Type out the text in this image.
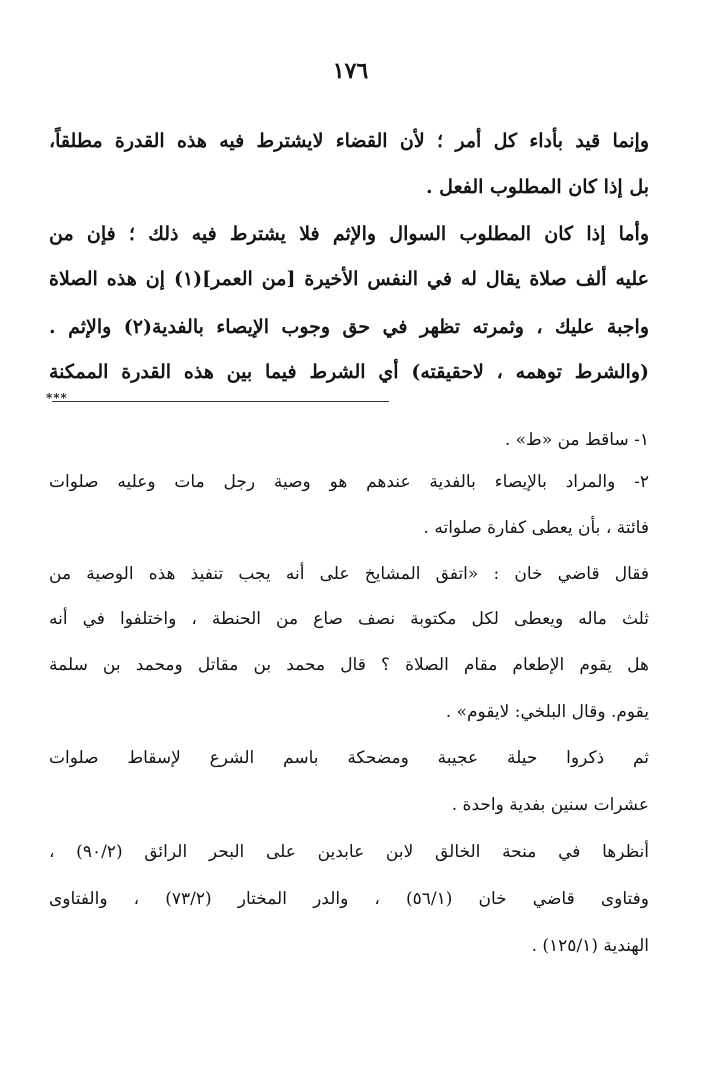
١٧٦
وإنما قيد بأداء كل أمر ؛ لأن القضاء لايشترط فيه هذه القدرة مطلقاً،
بل إذا كان المطلوب الفعل .
وأما إذا كان المطلوب السوال والإثم فلا يشترط فيه ذلك ؛ فإن من
عليه ألف صلاة يقال له في النفس الأخيرة [من العمر](١) إن هذه الصلاة
واجبة عليك ، وثمرته تظهر في حق وجوب الإيصاء بالفدية(٢) والإثم .
(والشرط توهمه ، لاحقيقته) أي الشرط فيما بين هذه القدرة الممكنة
***
١- ساقط من «ط» .
٢- والمراد بالإيصاء بالفدية عندهم هو وصية رجل مات وعليه صلوات
فائتة ، بأن يعطى كفارة صلواته .
فقال قاضي خان : «اتفق المشايخ على أنه يجب تنفيذ هذه الوصية من
ثلث ماله ويعطى لكل مكتوبة نصف صاع من الحنطة ، واختلفوا في أنه
هل يقوم الإطعام مقام الصلاة ؟ قال محمد بن مقاتل ومحمد بن سلمة
يقوم. وقال البلخي: لايقوم» .
ثم ذكروا حيلة عجيبة ومضحكة باسم الشرع لإسقاط صلوات
عشرات سنين بفدية واحدة .
أنظرها في منحة الخالق لابن عابدين على البحر الرائق (٩٠/٢) ،
وفتاوى قاضي خان (٥٦/١) ، والدر المختار (٧٣/٢) ، والفتاوى
الهندية (١٢٥/١) .
